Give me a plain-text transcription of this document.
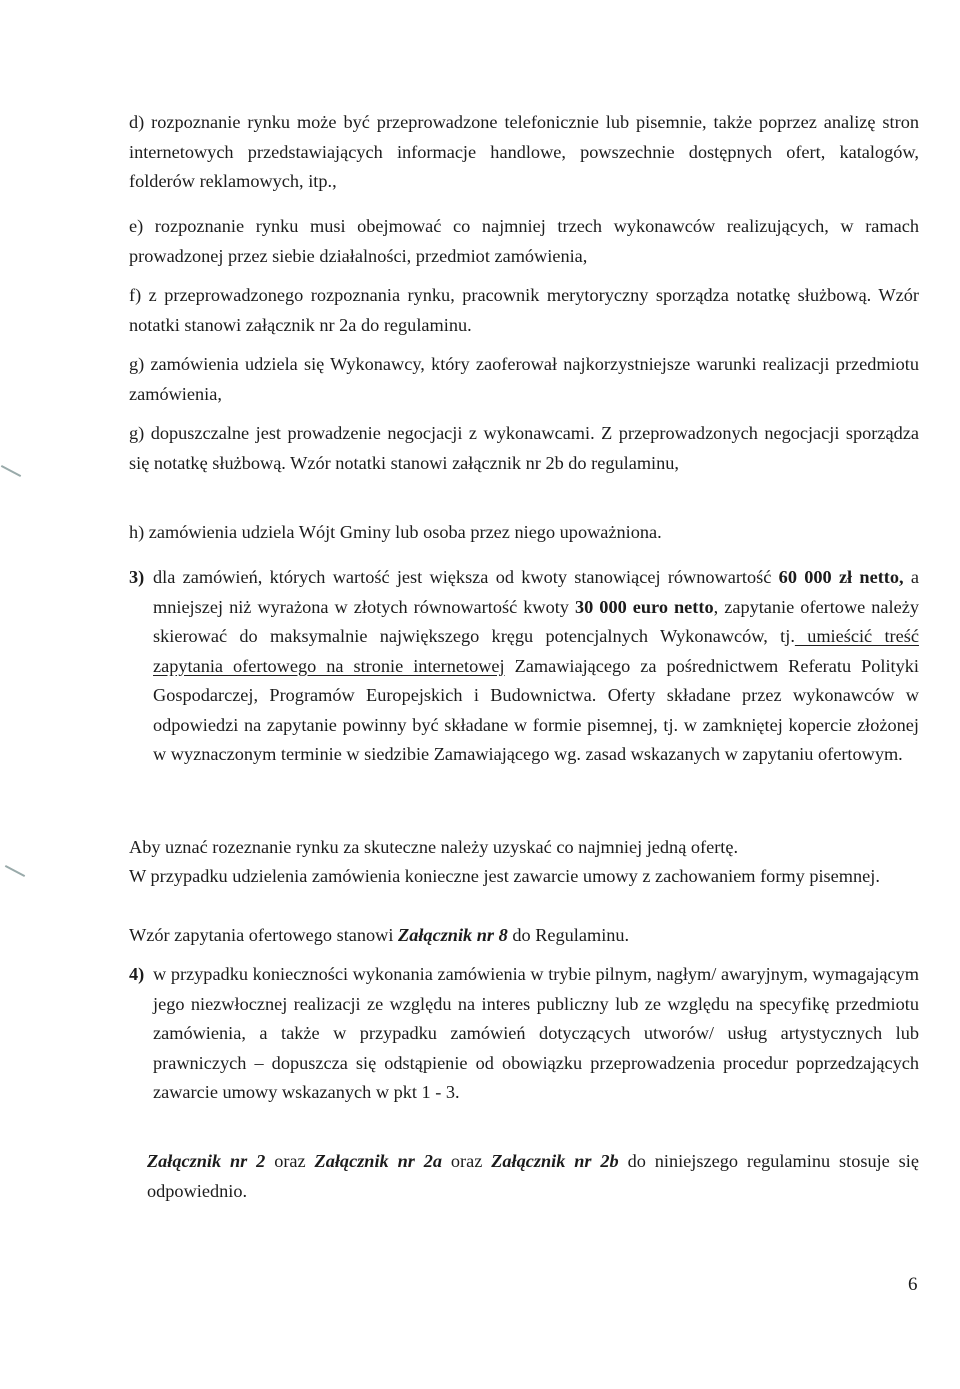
d) rozpoznanie rynku może być przeprowadzone telefonicznie lub pisemnie, także poprzez analizę stron internetowych przedstawiających informacje handlowe, powszechnie dostępnych ofert, katalogów, folderów reklamowych, itp.,

e) rozpoznanie rynku musi obejmować co najmniej trzech wykonawców realizujących, w ramach prowadzonej przez siebie działalności, przedmiot zamówienia,

f) z przeprowadzonego rozpoznania rynku, pracownik merytoryczny sporządza notatkę służbową. Wzór notatki stanowi załącznik nr 2a do regulaminu.

g) zamówienia udziela się Wykonawcy, który zaoferował najkorzystniejsze warunki realizacji przedmiotu zamówienia,

g) dopuszczalne jest prowadzenie negocjacji z wykonawcami. Z przeprowadzonych negocjacji sporządza się notatkę służbową. Wzór notatki stanowi załącznik nr 2b do regulaminu,

h) zamówienia udziela Wójt Gminy lub osoba przez niego upoważniona.

3) dla zamówień, których wartość jest większa od kwoty stanowiącej równowartość 60 000 zł netto, a mniejszej niż wyrażona w złotych równowartość kwoty 30 000 euro netto, zapytanie ofertowe należy skierować do maksymalnie największego kręgu potencjalnych Wykonawców, tj. umieścić treść zapytania ofertowego na stronie internetowej Zamawiającego za pośrednictwem Referatu Polityki Gospodarczej, Programów Europejskich i Budownictwa. Oferty składane przez wykonawców w odpowiedzi na zapytanie powinny być składane w formie pisemnej, tj. w zamkniętej kopercie złożonej w wyznaczonym terminie w siedzibie Zamawiającego wg. zasad wskazanych w zapytaniu ofertowym.

Aby uznać rozeznanie rynku za skuteczne należy uzyskać co najmniej jedną ofertę.

W przypadku udzielenia zamówienia konieczne jest zawarcie umowy z zachowaniem formy pisemnej.

Wzór zapytania ofertowego stanowi Załącznik nr 8 do Regulaminu.

4) w przypadku konieczności wykonania zamówienia w trybie pilnym, nagłym/ awaryjnym, wymagającym jego niezwłocznej realizacji ze względu na interes publiczny lub ze względu na specyfikę przedmiotu zamówienia, a także w przypadku zamówień dotyczących utworów/ usług artystycznych lub prawniczych – dopuszcza się odstąpienie od obowiązku przeprowadzenia procedur poprzedzających zawarcie umowy wskazanych w pkt 1 - 3.

Załącznik nr 2 oraz Załącznik nr 2a oraz Załącznik nr 2b do niniejszego regulaminu stosuje się odpowiednio.

6
